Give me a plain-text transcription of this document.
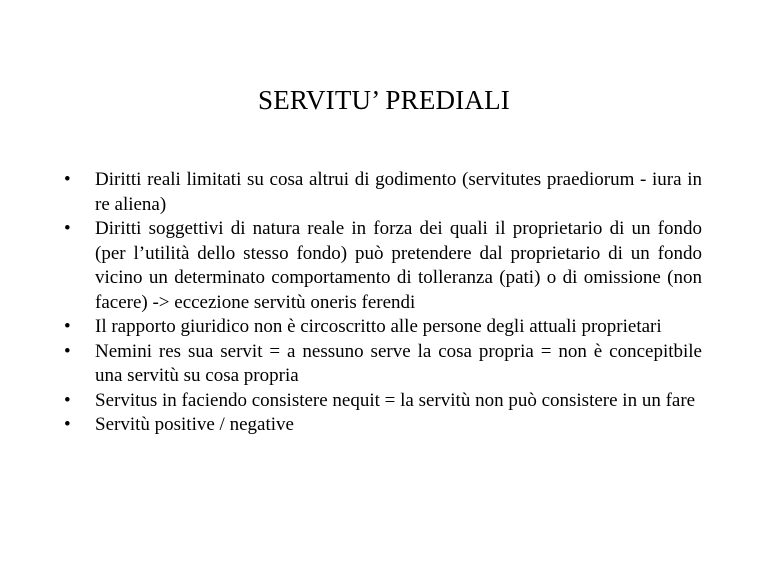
SERVITU’ PREDIALI
• Diritti reali limitati su cosa altrui di godimento (servitutes praediorum - iura in re aliena)
• Diritti soggettivi di natura reale in forza dei quali il proprietario di un fondo (per l’utilità dello stesso fondo) può pretendere dal proprietario di un fondo vicino un determinato comportamento di tolleranza (pati) o di omissione (non facere) -> eccezione servitù oneris ferendi
• Il rapporto giuridico non è circoscritto alle persone degli attuali proprietari
• Nemini res sua servit = a nessuno serve la cosa propria = non è concepitbile una servitù su cosa propria
• Servitus in faciendo consistere nequit = la servitù non può consistere in un fare
• Servitù positive / negative
